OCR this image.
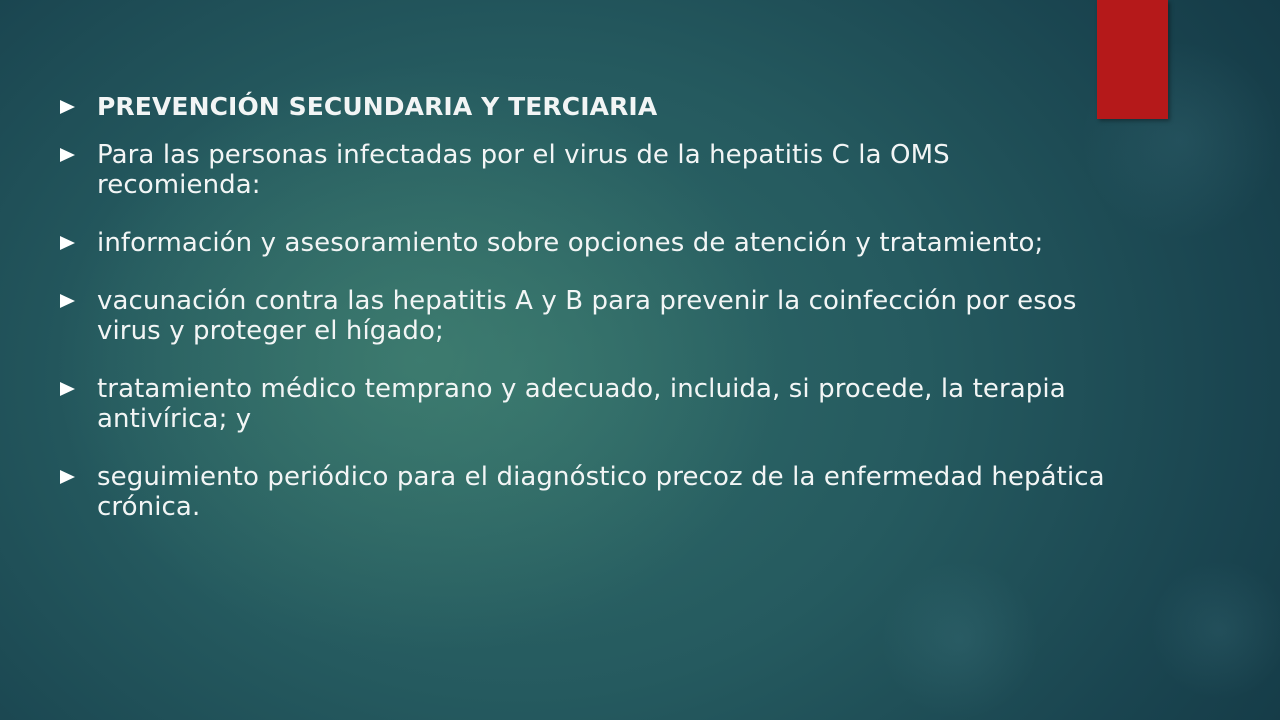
PREVENCIÓN SECUNDARIA Y TERCIARIA
Para las personas infectadas por el virus de la hepatitis C la OMS recomienda:
información y asesoramiento sobre opciones de atención y tratamiento;
vacunación contra las hepatitis A y B para prevenir la coinfección por esos virus y proteger el hígado;
tratamiento médico temprano y adecuado, incluida, si procede, la terapia antivírica; y
seguimiento periódico para el diagnóstico precoz de la enfermedad hepática crónica.
